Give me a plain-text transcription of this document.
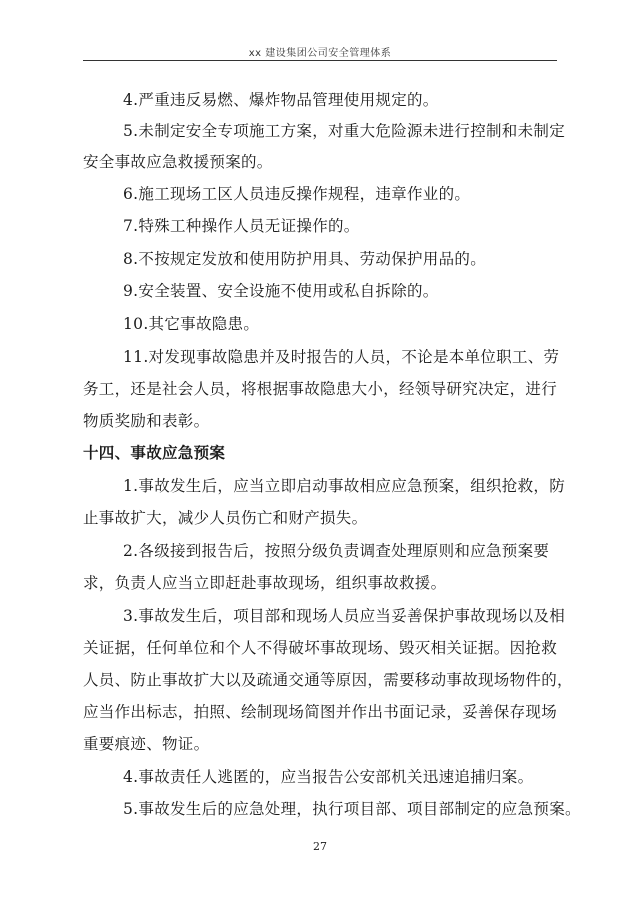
xx 建设集团公司安全管理体系
4.严重违反易燃、爆炸物品管理使用规定的。
5.未制定安全专项施工方案，对重大危险源未进行控制和未制定
安全事故应急救援预案的。
6.施工现场工区人员违反操作规程，违章作业的。
7.特殊工种操作人员无证操作的。
8.不按规定发放和使用防护用具、劳动保护用品的。
9.安全装置、安全设施不使用或私自拆除的。
10.其它事故隐患。
11.对发现事故隐患并及时报告的人员，不论是本单位职工、劳
务工，还是社会人员，将根据事故隐患大小，经领导研究决定，进行
物质奖励和表彰。
十四、事故应急预案
1.事故发生后，应当立即启动事故相应应急预案，组织抢救，防
止事故扩大，减少人员伤亡和财产损失。
2.各级接到报告后，按照分级负责调查处理原则和应急预案要
求，负责人应当立即赶赴事故现场，组织事故救援。
3.事故发生后，项目部和现场人员应当妥善保护事故现场以及相
关证据，任何单位和个人不得破坏事故现场、毁灭相关证据。因抢救
人员、防止事故扩大以及疏通交通等原因，需要移动事故现场物件的，
应当作出标志，拍照、绘制现场简图并作出书面记录，妥善保存现场
重要痕迹、物证。
4.事故责任人逃匿的，应当报告公安部机关迅速追捕归案。
5.事故发生后的应急处理，执行项目部、项目部制定的应急预案。
27
